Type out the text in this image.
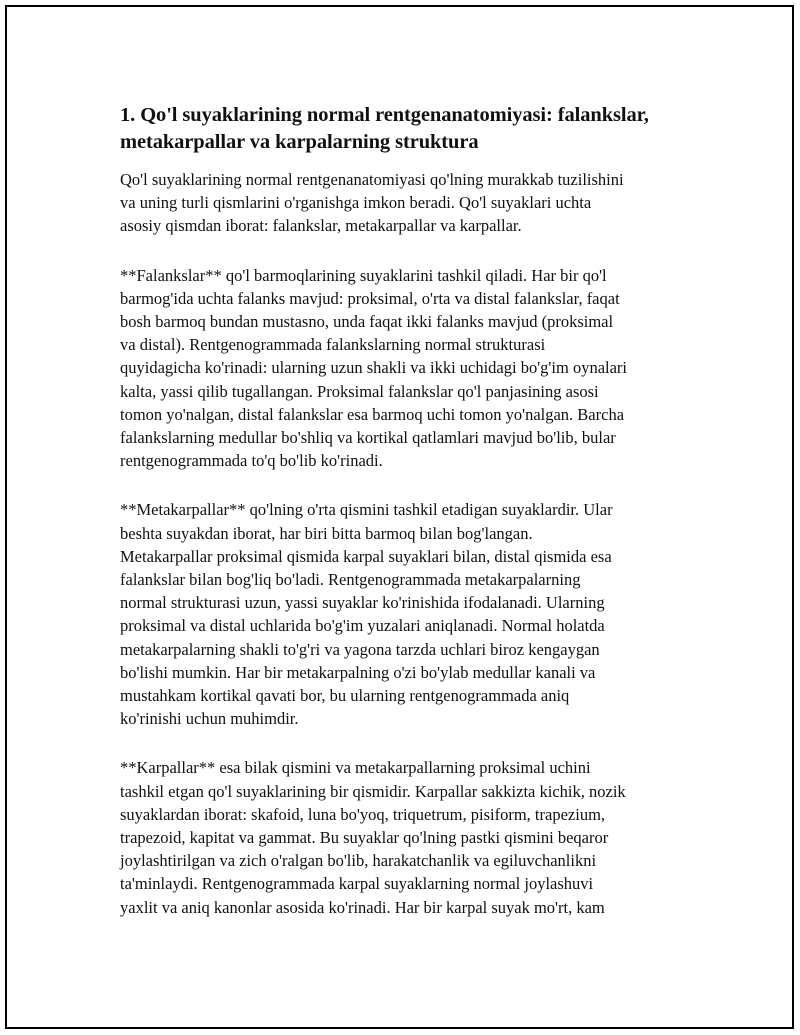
1. Qo'l suyaklarining normal rentgenanatomiyasi: falankslar,
metakarpallar va karpalarning struktura

Qo'l suyaklarining normal rentgenanatomiyasi qo'lning murakkab tuzilishini
va uning turli qismlarini o'rganishga imkon beradi. Qo'l suyaklari uchta
asosiy qismdan iborat: falankslar, metakarpallar va karpallar.

**Falankslar** qo'l barmoqlarining suyaklarini tashkil qiladi. Har bir qo'l
barmog'ida uchta falanks mavjud: proksimal, o'rta va distal falankslar, faqat
bosh barmoq bundan mustasno, unda faqat ikki falanks mavjud (proksimal
va distal). Rentgenogrammada falankslarning normal strukturasi
quyidagicha ko'rinadi: ularning uzun shakli va ikki uchidagi bo'g'im oynalari
kalta, yassi qilib tugallangan. Proksimal falankslar qo'l panjasining asosi
tomon yo'nalgan, distal falankslar esa barmoq uchi tomon yo'nalgan. Barcha
falankslarning medullar bo'shliq va kortikal qatlamlari mavjud bo'lib, bular
rentgenogrammada to'q bo'lib ko'rinadi.

**Metakarpallar** qo'lning o'rta qismini tashkil etadigan suyaklardir. Ular
beshta suyakdan iborat, har biri bitta barmoq bilan bog'langan.
Metakarpallar proksimal qismida karpal suyaklari bilan, distal qismida esa
falankslar bilan bog'liq bo'ladi. Rentgenogrammada metakarpalarning
normal strukturasi uzun, yassi suyaklar ko'rinishida ifodalanadi. Ularning
proksimal va distal uchlarida bo'g'im yuzalari aniqlanadi. Normal holatda
metakarpalarning shakli to'g'ri va yagona tarzda uchlari biroz kengaygan
bo'lishi mumkin. Har bir metakarpalning o'zi bo'ylab medullar kanali va
mustahkam kortikal qavati bor, bu ularning rentgenogrammada aniq
ko'rinishi uchun muhimdir.

**Karpallar** esa bilak qismini va metakarpallarning proksimal uchini
tashkil etgan qo'l suyaklarining bir qismidir. Karpallar sakkizta kichik, nozik
suyaklardan iborat: skafoid, luna bo'yoq, triquetrum, pisiform, trapezium,
trapezoid, kapitat va gammat. Bu suyaklar qo'lning pastki qismini beqaror
joylashtirilgan va zich o'ralgan bo'lib, harakatchanlik va egiluvchanlikni
ta'minlaydi. Rentgenogrammada karpal suyaklarning normal joylashuvi
yaxlit va aniq kanonlar asosida ko'rinadi. Har bir karpal suyak mo'rt, kam
